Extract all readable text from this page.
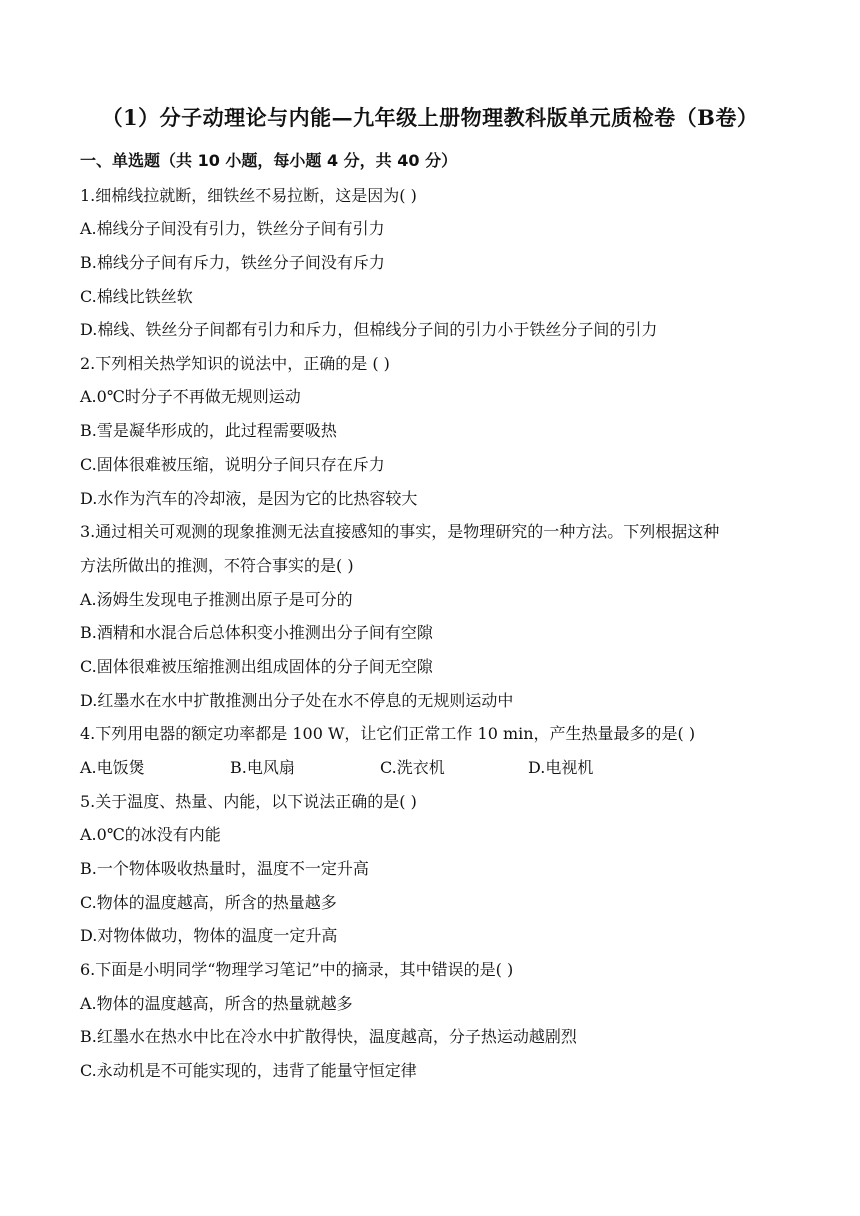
（1）分子动理论与内能—九年级上册物理教科版单元质检卷（B卷）
一、单选题（共 10 小题，每小题 4 分，共 40 分）
1.细棉线拉就断，细铁丝不易拉断，这是因为( )
A.棉线分子间没有引力，铁丝分子间有引力
B.棉线分子间有斥力，铁丝分子间没有斥力
C.棉线比铁丝软
D.棉线、铁丝分子间都有引力和斥力，但棉线分子间的引力小于铁丝分子间的引力
2.下列相关热学知识的说法中，正确的是 ( )
A.0℃时分子不再做无规则运动
B.雪是凝华形成的，此过程需要吸热
C.固体很难被压缩，说明分子间只存在斥力
D.水作为汽车的冷却液，是因为它的比热容较大
3.通过相关可观测的现象推测无法直接感知的事实，是物理研究的一种方法。下列根据这种
方法所做出的推测，不符合事实的是( )
A.汤姆生发现电子推测出原子是可分的
B.酒精和水混合后总体积变小推测出分子间有空隙
C.固体很难被压缩推测出组成固体的分子间无空隙
D.红墨水在水中扩散推测出分子处在水不停息的无规则运动中
4.下列用电器的额定功率都是 100 W，让它们正常工作 10 min，产生热量最多的是( )
A.电饭煲	B.电风扇	C.洗衣机	D.电视机
5.关于温度、热量、内能，以下说法正确的是( )
A.0℃的冰没有内能
B.一个物体吸收热量时，温度不一定升高
C.物体的温度越高，所含的热量越多
D.对物体做功，物体的温度一定升高
6.下面是小明同学“物理学习笔记”中的摘录，其中错误的是( )
A.物体的温度越高，所含的热量就越多
B.红墨水在热水中比在冷水中扩散得快，温度越高，分子热运动越剧烈
C.永动机是不可能实现的，违背了能量守恒定律
